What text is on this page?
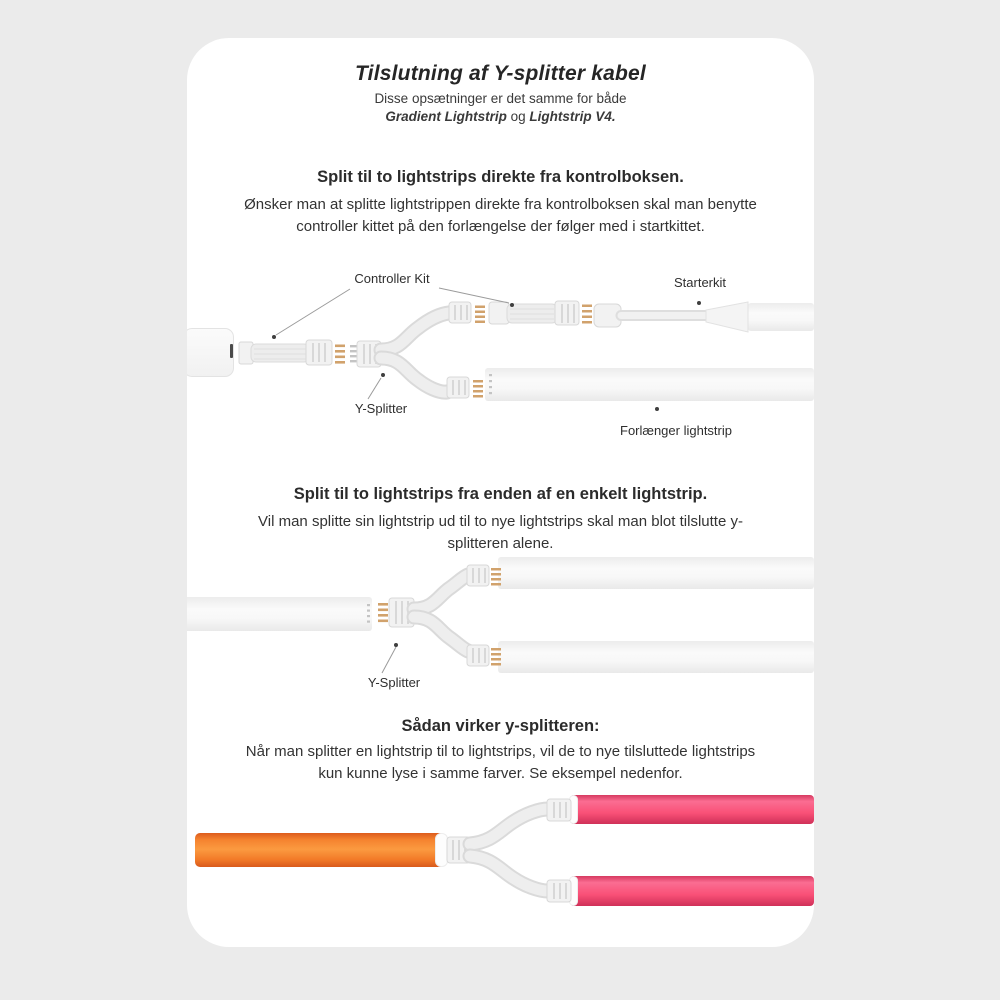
Tilslutning af Y-splitter kabel
Disse opsætninger er det samme for både
Gradient Lightstrip og Lightstrip V4.
Split til to lightstrips direkte fra kontrolboksen.
Ønsker man at splitte lightstrippen direkte fra kontrolboksen skal man benytte controller kittet på den forlængelse der følger med i startkittet.
Split til to lightstrips fra enden af en enkelt lightstrip.
Vil man splitte sin lightstrip ud til to nye lightstrips skal man blot tilslutte y-splitteren alene.
Sådan virker y-splitteren:
Når man splitter en lightstrip til to lightstrips, vil de to nye tilsluttede lightstrips kun kunne lyse i samme farver. Se eksempel nedenfor.
Controller Kit	Starterkit
Y-Splitter
Forlænger lightstrip
Y-Splitter
